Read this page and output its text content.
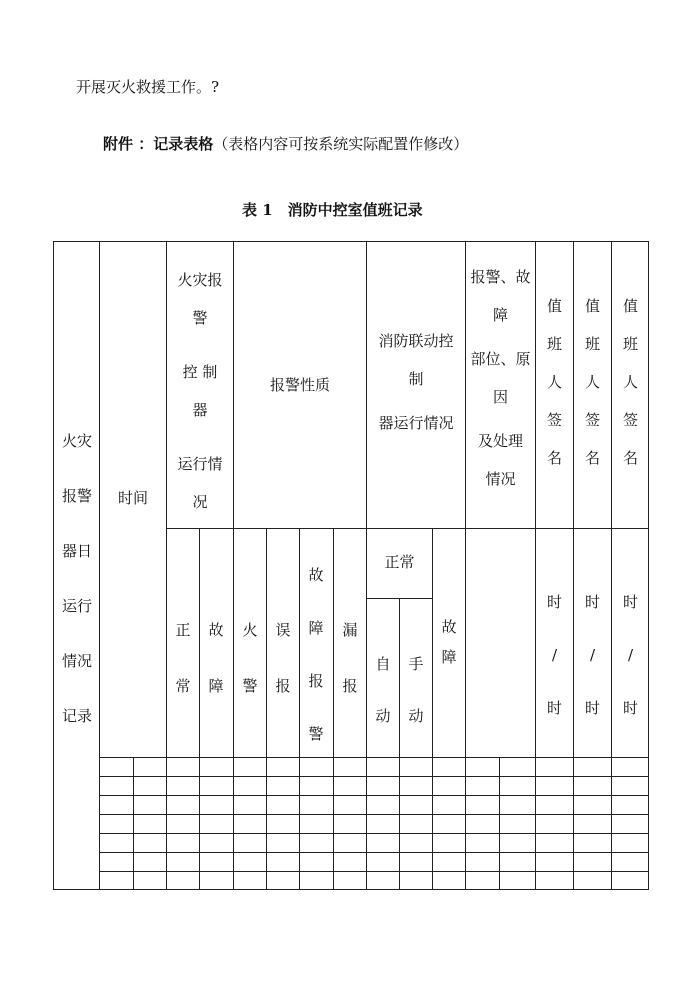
开展灭火救援工作。?
附件 ：记录表格（表格内容可按系统实际配置作修改）
表 1　消防中控室值班记录
火灾
报警
器日
运行
情况
记录
时间
火灾报
警
控 制
器
运行情
况
报警性质
消防联动控
制
器运行情况
报警、故
障
部位、原
因
及处理
情况
值
班
人
签
名
值
班
人
签
名
值
班
人
签
名
正
常
故
障
火
警
误
报
故
障
报
警
漏
报
正常
自
动
手
动
故
障
时
/
时
时
/
时
时
/
时
